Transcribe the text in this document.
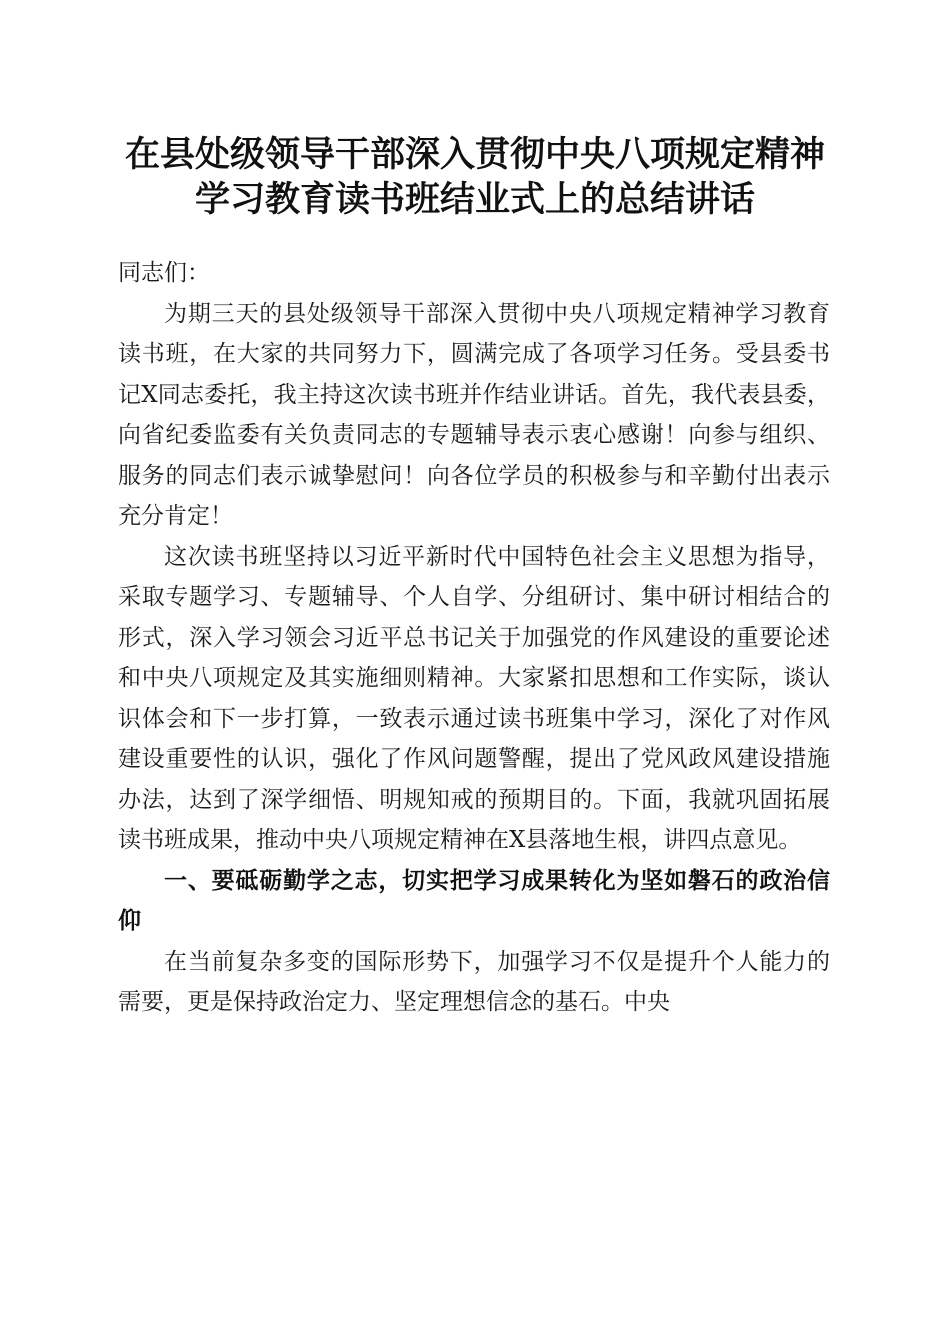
在县处级领导干部深入贯彻中央八项规定精神
学习教育读书班结业式上的总结讲话

同志们：

为期三天的县处级领导干部深入贯彻中央八项规定精神学习教育读书班，在大家的共同努力下，圆满完成了各项学习任务。受县委书记X同志委托，我主持这次读书班并作结业讲话。首先，我代表县委，向省纪委监委有关负责同志的专题辅导表示衷心感谢！向参与组织、服务的同志们表示诚挚慰问！向各位学员的积极参与和辛勤付出表示充分肯定！

这次读书班坚持以习近平新时代中国特色社会主义思想为指导，采取专题学习、专题辅导、个人自学、分组研讨、集中研讨相结合的形式，深入学习领会习近平总书记关于加强党的作风建设的重要论述和中央八项规定及其实施细则精神。大家紧扣思想和工作实际，谈认识体会和下一步打算，一致表示通过读书班集中学习，深化了对作风建设重要性的认识，强化了作风问题警醒，提出了党风政风建设措施办法，达到了深学细悟、明规知戒的预期目的。下面，我就巩固拓展读书班成果，推动中央八项规定精神在X县落地生根，讲四点意见。

一、要砥砺勤学之志，切实把学习成果转化为坚如磐石的政治信仰

在当前复杂多变的国际形势下，加强学习不仅是提升个人能力的需要，更是保持政治定力、坚定理想信念的基石。中央
